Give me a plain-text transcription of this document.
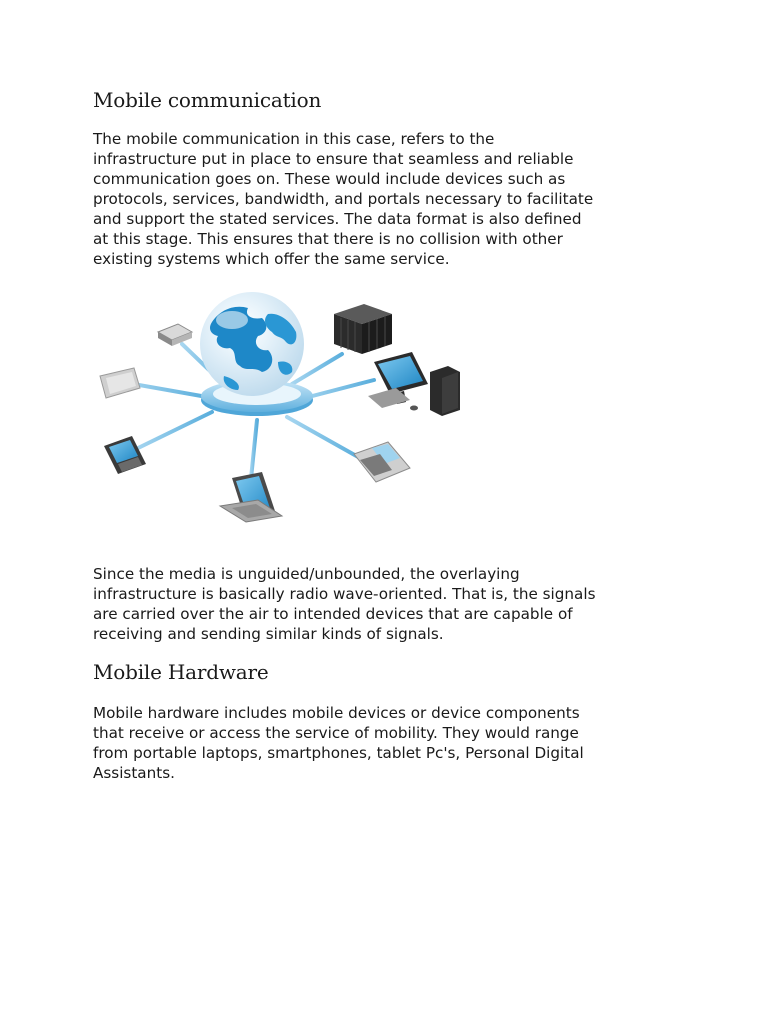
Mobile communication

The mobile communication in this case, refers to the
infrastructure put in place to ensure that seamless and reliable
communication goes on. These would include devices such as
protocols, services, bandwidth, and portals necessary to facilitate
and support the stated services. The data format is also defined
at this stage. This ensures that there is no collision with other
existing systems which offer the same service.

Since the media is unguided/unbounded, the overlaying
infrastructure is basically radio wave-oriented. That is, the signals
are carried over the air to intended devices that are capable of
receiving and sending similar kinds of signals.

Mobile Hardware

Mobile hardware includes mobile devices or device components
that receive or access the service of mobility. They would range
from portable laptops, smartphones, tablet Pc's, Personal Digital
Assistants.
